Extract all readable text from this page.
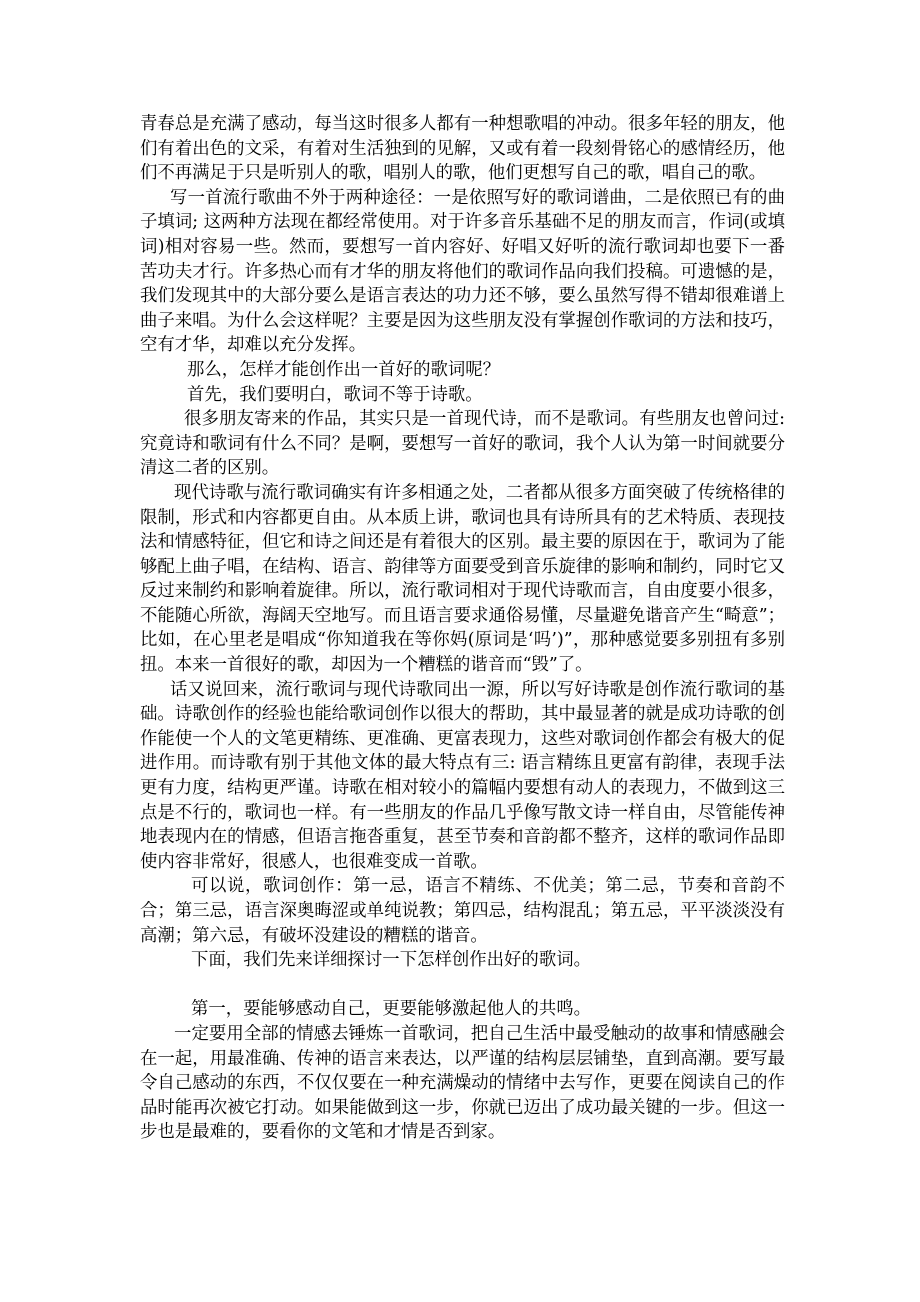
青春总是充满了感动，每当这时很多人都有一种想歌唱的冲动。很多年轻的朋友，他们有着出色的文采，有着对生活独到的见解，又或有着一段刻骨铭心的感情经历，他们不再满足于只是听别人的歌，唱别人的歌，他们更想写自己的歌，唱自己的歌。

写一首流行歌曲不外于两种途径：一是依照写好的歌词谱曲，二是依照已有的曲子填词; 这两种方法现在都经常使用。对于许多音乐基础不足的朋友而言，作词(或填词)相对容易一些。然而，要想写一首内容好、好唱又好听的流行歌词却也要下一番苦功夫才行。许多热心而有才华的朋友将他们的歌词作品向我们投稿。可遗憾的是，我们发现其中的大部分要么是语言表达的功力还不够，要么虽然写得不错却很难谱上曲子来唱。为什么会这样呢？主要是因为这些朋友没有掌握创作歌词的方法和技巧，空有才华，却难以充分发挥。

那么，怎样才能创作出一首好的歌词呢？

首先，我们要明白，歌词不等于诗歌。

很多朋友寄来的作品，其实只是一首现代诗，而不是歌词。有些朋友也曾问过: 究竟诗和歌词有什么不同？是啊，要想写一首好的歌词，我个人认为第一时间就要分清这二者的区别。

现代诗歌与流行歌词确实有许多相通之处，二者都从很多方面突破了传统格律的限制，形式和内容都更自由。从本质上讲，歌词也具有诗所具有的艺术特质、表现技法和情感特征，但它和诗之间还是有着很大的区别。最主要的原因在于，歌词为了能够配上曲子唱，在结构、语言、韵律等方面要受到音乐旋律的影响和制约，同时它又反过来制约和影响着旋律。所以，流行歌词相对于现代诗歌而言，自由度要小很多，不能随心所欲，海阔天空地写。而且语言要求通俗易懂，尽量避免谐音产生“畸意”；比如，在心里老是唱成“你知道我在等你妈(原词是‘吗’)”，那种感觉要多别扭有多别扭。本来一首很好的歌，却因为一个糟糕的谐音而“毁”了。

话又说回来，流行歌词与现代诗歌同出一源，所以写好诗歌是创作流行歌词的基础。诗歌创作的经验也能给歌词创作以很大的帮助，其中最显著的就是成功诗歌的创作能使一个人的文笔更精练、更准确、更富表现力，这些对歌词创作都会有极大的促进作用。而诗歌有别于其他文体的最大特点有三: 语言精练且更富有韵律，表现手法更有力度，结构更严谨。诗歌在相对较小的篇幅内要想有动人的表现力，不做到这三点是不行的，歌词也一样。有一些朋友的作品几乎像写散文诗一样自由，尽管能传神地表现内在的情感，但语言拖沓重复，甚至节奏和音韵都不整齐，这样的歌词作品即使内容非常好，很感人，也很难变成一首歌。

可以说，歌词创作：第一忌，语言不精练、不优美；第二忌，节奏和音韵不合；第三忌，语言深奥晦涩或单纯说教；第四忌，结构混乱；第五忌，平平淡淡没有高潮；第六忌，有破坏没建设的糟糕的谐音。

下面，我们先来详细探讨一下怎样创作出好的歌词。

第一，要能够感动自己，更要能够激起他人的共鸣。

一定要用全部的情感去锤炼一首歌词，把自己生活中最受触动的故事和情感融会在一起，用最准确、传神的语言来表达，以严谨的结构层层铺垫，直到高潮。要写最令自己感动的东西，不仅仅要在一种充满燥动的情绪中去写作，更要在阅读自己的作品时能再次被它打动。如果能做到这一步，你就已迈出了成功最关键的一步。但这一步也是最难的，要看你的文笔和才情是否到家。
